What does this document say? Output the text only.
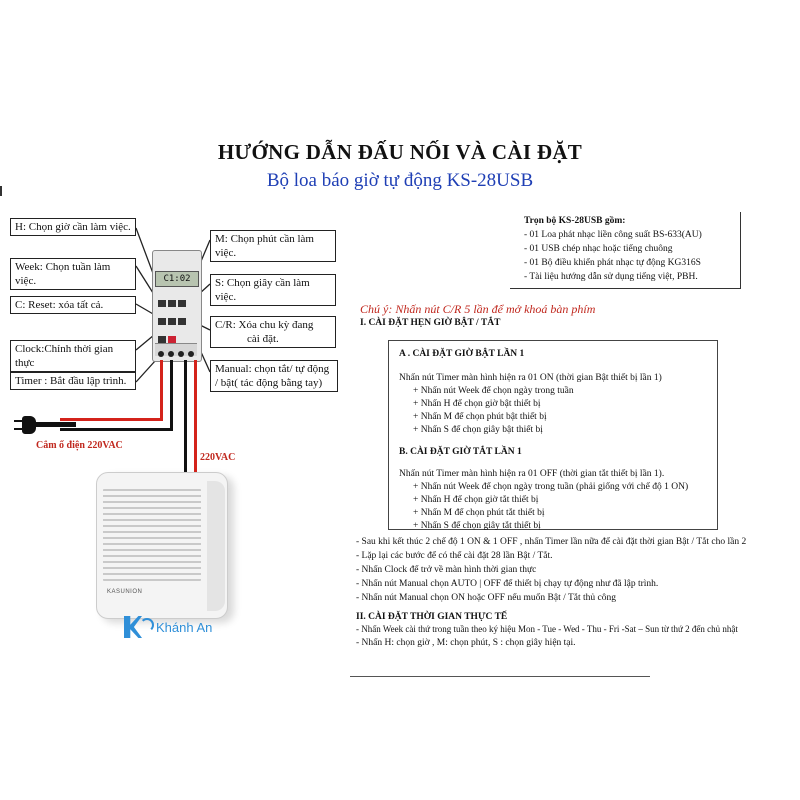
HƯỚNG DẪN ĐẤU NỐI VÀ CÀI ĐẶT
Bộ loa báo giờ tự động KS-28USB
H: Chọn giờ cần làm việc.
Week: Chọn tuần làm việc.
C: Reset: xóa tất cả.
Clock:Chỉnh thời gian thực
Timer : Bắt đầu lập trình.
M: Chọn phút cần làm việc.
S: Chọn giây cần làm việc.
C/R: Xóa chu kỳ đang
cài đặt.
Manual: chọn tắt/ tự động
/ bật( tác động bằng tay)
C1:02

Cắm ổ điện 220VAC
220VAC
KASUNION
Khánh An
Trọn bộ KS-28USB gồm:
- 01 Loa phát nhạc liền công suất BS-633(AU)
- 01 USB chép nhạc hoặc tiếng chuông
- 01 Bộ điều khiển phát nhạc tự động KG316S
- Tài liệu hướng dẫn sử dụng tiếng việt, PBH.
Chú ý: Nhấn nút C/R 5 lần để mở khoá bàn phím
I. CÀI ĐẶT HẸN GIỜ BẬT / TẮT
A . CÀI ĐẶT GIỜ BẬT LẦN 1
Nhấn nút Timer màn hình hiện ra 01 ON (thời gian Bật thiết bị lần 1)
+ Nhấn nút Week để chọn ngày trong tuần
+ Nhấn H để chọn giờ bật thiết bị
+ Nhấn M để chọn phút bật thiết bị
+ Nhấn S để chọn giây bật thiết bị
B. CÀI ĐẶT GIỜ TẮT LẦN 1
Nhấn nút Timer màn hình hiện ra 01 OFF (thời gian tắt thiết bị lần 1).
+ Nhấn nút Week để chọn ngày trong tuần (phải giống với chế độ 1 ON)
+ Nhấn H để chọn giờ tắt thiết bị
+ Nhấn M để chọn phút tắt thiết bị
+ Nhấn S để chọn giây tắt thiết bị
- Sau khi kết thúc 2 chế độ 1 ON & 1 OFF , nhấn Timer lần nữa để cài đặt thời gian Bật / Tắt cho lần 2
- Lặp lại các bước để có thể cài đặt 28 lần Bật / Tắt.
- Nhấn Clock để trở về màn hình thời gian thực
- Nhấn nút Manual chọn AUTO | OFF để thiết bị chạy tự động như đã lập trình.
- Nhấn nút Manual chọn ON hoặc OFF nếu muốn Bật / Tắt thủ công
II. CÀI ĐẶT THỜI GIAN THỰC TẾ
- Nhấn Week cài thứ trong tuần theo ký hiệu Mon - Tue - Wed - Thu - Fri -Sat – Sun từ thứ 2 đến chủ nhật
- Nhấn H: chọn giờ , M: chọn phút, S : chọn giây hiện tại.
